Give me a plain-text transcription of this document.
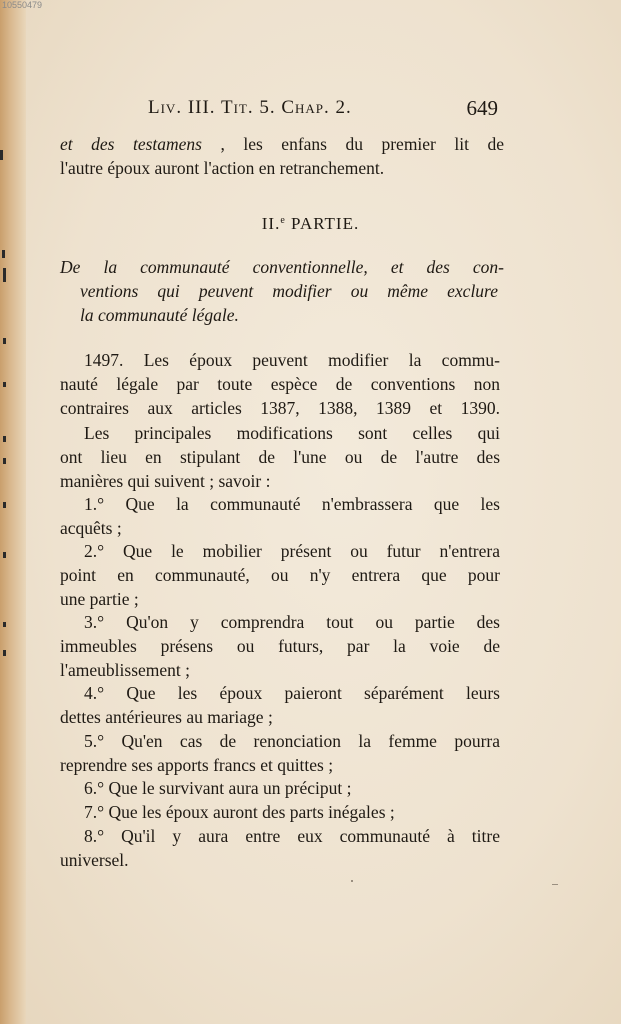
10550479
Liv. III. Tit. 5. Chap. 2.	649
et des testamens , les enfans du premier lit de
l'autre époux auront l'action en retranchement.
II.$^e$ PARTIE.
De la communauté conventionnelle, et des con-
ventions qui peuvent modifier ou même exclure
la communauté légale.
1497. Les époux peuvent modifier la commu-
nauté légale par toute espèce de conventions non
contraires aux articles 1387, 1388, 1389 et 1390.
Les principales modifications sont celles qui
ont lieu en stipulant de l'une ou de l'autre des
manières qui suivent ; savoir :
1.° Que la communauté n'embrassera que les
acquêts ;
2.° Que le mobilier présent ou futur n'entrera
point en communauté, ou n'y entrera que pour
une partie ;
3.° Qu'on y comprendra tout ou partie des
immeubles présens ou futurs, par la voie de
l'ameublissement ;
4.° Que les époux paieront séparément leurs
dettes antérieures au mariage ;
5.° Qu'en cas de renonciation la femme pourra
reprendre ses apports francs et quittes ;
6.° Que le survivant aura un préciput ;
7.° Que les époux auront des parts inégales ;
8.° Qu'il y aura entre eux communauté à titre
universel.
